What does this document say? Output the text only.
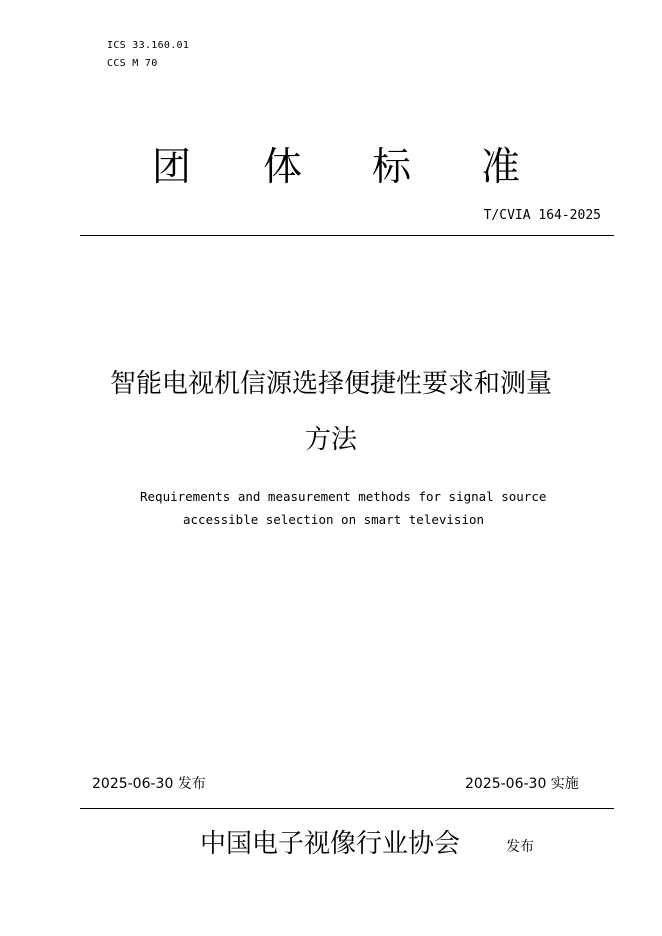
ICS 33.160.01
CCS M 70
团 体 标 准
T/CVIA 164-2025
智能电视机信源选择便捷性要求和测量
方法
Requirements and measurement methods for signal source
accessible selection on smart television
2025-06-30 发布	2025-06-30 实施
中国电子视像行业协会	发布
